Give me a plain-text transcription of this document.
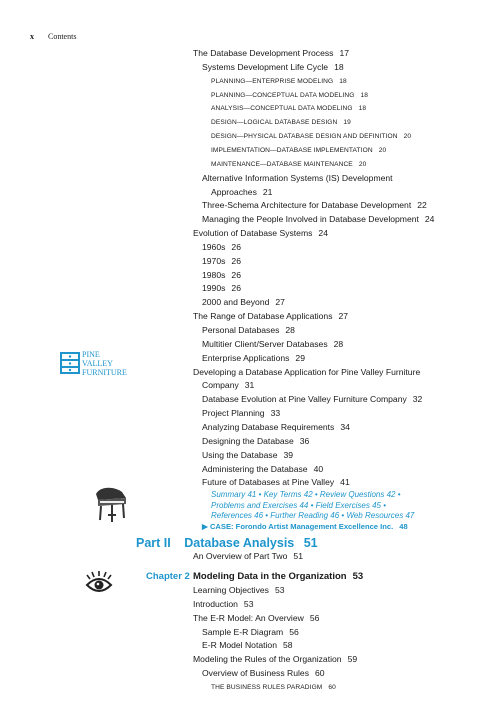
x Contents
The Database Development Process 17
Systems Development Life Cycle 18
PLANNING—ENTERPRISE MODELING 18
PLANNING—CONCEPTUAL DATA MODELING 18
ANALYSIS—CONCEPTUAL DATA MODELING 18
DESIGN—LOGICAL DATABASE DESIGN 19
DESIGN—PHYSICAL DATABASE DESIGN AND DEFINITION 20
IMPLEMENTATION—DATABASE IMPLEMENTATION 20
MAINTENANCE—DATABASE MAINTENANCE 20
Alternative Information Systems (IS) Development
Approaches 21
Three-Schema Architecture for Database Development 22
Managing the People Involved in Database Development 24
Evolution of Database Systems 24
1960s 26
1970s 26
1980s 26
1990s 26
2000 and Beyond 27
The Range of Database Applications 27
Personal Databases 28
Multitier Client/Server Databases 28
Enterprise Applications 29
Developing a Database Application for Pine Valley Furniture
Company 31
Database Evolution at Pine Valley Furniture Company 32
Project Planning 33
Analyzing Database Requirements 34
Designing the Database 36
Using the Database 39
Administering the Database 40
Future of Databases at Pine Valley 41
Summary 41 • Key Terms 42 • Review Questions 42 •
Problems and Exercises 44 • Field Exercises 45 •
References 46 • Further Reading 46 • Web Resources 47
▶ CASE: Forondo Artist Management Excellence Inc. 48
PINE
VALLEY
FURNITURE
Part II Database Analysis 51
Chapter 2 Modeling Data in the Organization 53
An Overview of Part Two 51
Learning Objectives 53
Introduction 53
The E-R Model: An Overview 56
Sample E-R Diagram 56
E-R Model Notation 58
Modeling the Rules of the Organization 59
Overview of Business Rules 60
THE BUSINESS RULES PARADIGM 60
